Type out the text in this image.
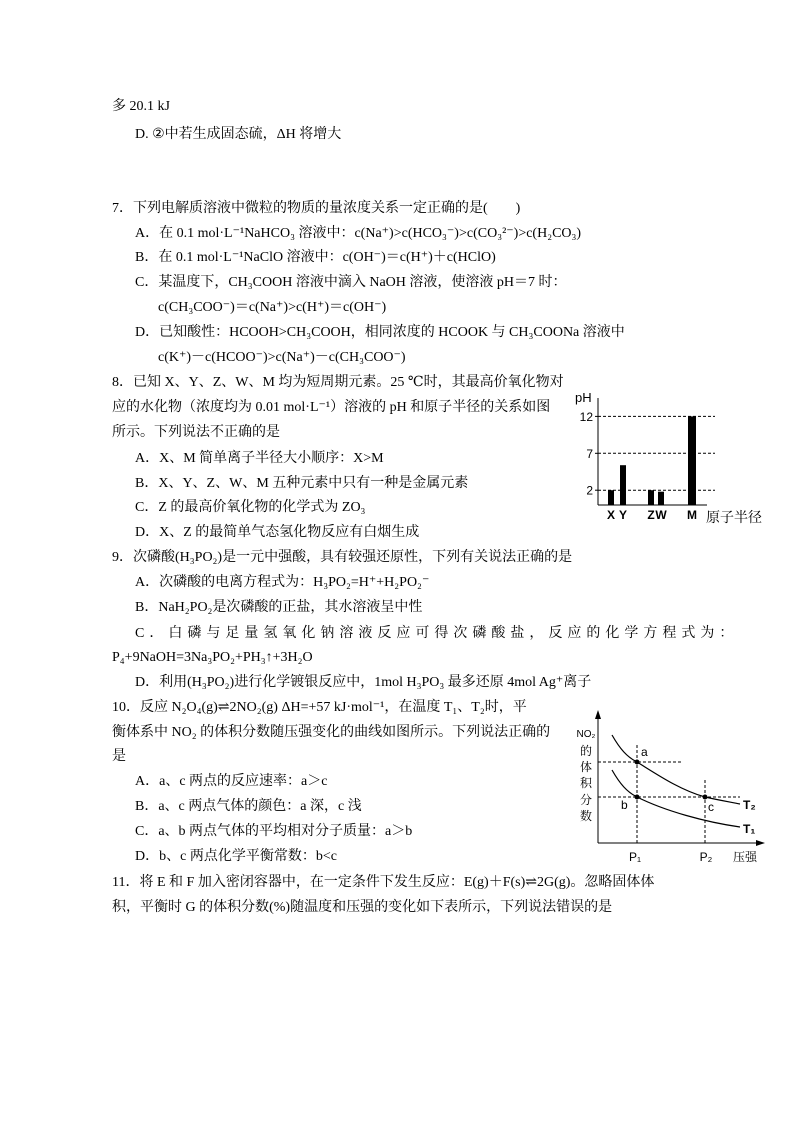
多 20.1 kJ
D. ②中若生成固态硫，ΔH 将增大
7．下列电解质溶液中微粒的物质的量浓度关系一定正确的是(　　)
A．在 0.1 mol·L⁻¹NaHCO₃ 溶液中：c(Na⁺)>c(HCO₃⁻)>c(CO₃²⁻)>c(H₂CO₃)
B．在 0.1 mol·L⁻¹NaClO 溶液中：c(OH⁻)＝c(H⁺)＋c(HClO)
C．某温度下，CH₃COOH 溶液中滴入 NaOH 溶液，使溶液 pH＝7 时：
c(CH₃COO⁻)＝c(Na⁺)>c(H⁺)＝c(OH⁻)
D．已知酸性：HCOOH>CH₃COOH，相同浓度的 HCOOK 与 CH₃COONa 溶液中
c(K⁺)－c(HCOO⁻)>c(Na⁺)－c(CH₃COO⁻)
8．已知 X、Y、Z、W、M 均为短周期元素。25 ℃时，其最高价氧化物对
应的水化物（浓度均为 0.01 mol·L⁻¹）溶液的 pH 和原子半径的关系如图
所示。下列说法不正确的是
A．X、M 简单离子半径大小顺序：X>M
B．X、Y、Z、W、M 五种元素中只有一种是金属元素
C．Z 的最高价氧化物的化学式为 ZO₃
D．X、Z 的最简单气态氢化物反应有白烟生成
9．次磷酸(H₃PO₂)是一元中强酸，具有较强还原性，下列有关说法正确的是
A．次磷酸的电离方程式为：H₃PO₂=H⁺+H₂PO₂⁻
B．NaH₂PO₂是次磷酸的正盐，其水溶液呈中性
C．白磷与足量氢氧化钠溶液反应可得次磷酸盐，反应的化学方程式为：
P₄+9NaOH=3Na₃PO₂+PH₃↑+3H₂O
D．利用(H₃PO₂)进行化学镀银反应中，1mol H₃PO₃ 最多还原 4mol Ag⁺离子
10．反应 N₂O₄(g)⇌2NO₂(g) ΔH=+57 kJ·mol⁻¹，在温度 T₁、T₂时，平
衡体系中 NO₂ 的体积分数随压强变化的曲线如图所示。下列说法正确的
是
A．a、c 两点的反应速率：a＞c
B．a、c 两点气体的颜色：a 深，c 浅
C．a、b 两点气体的平均相对分子质量：a＞b
D．b、c 两点化学平衡常数：b<c
11．将 E 和 F 加入密闭容器中，在一定条件下发生反应：E(g)＋F(s)⇌2G(g)。忽略固体体
积，平衡时 G 的体积分数(%)随温度和压强的变化如下表所示，下列说法错误的是
pH
2
7
12
X Y Z W M 原子半径
NO₂
的
体
积
分
数
a
b	c T₂
T₁
P₁	P₂ 压强
